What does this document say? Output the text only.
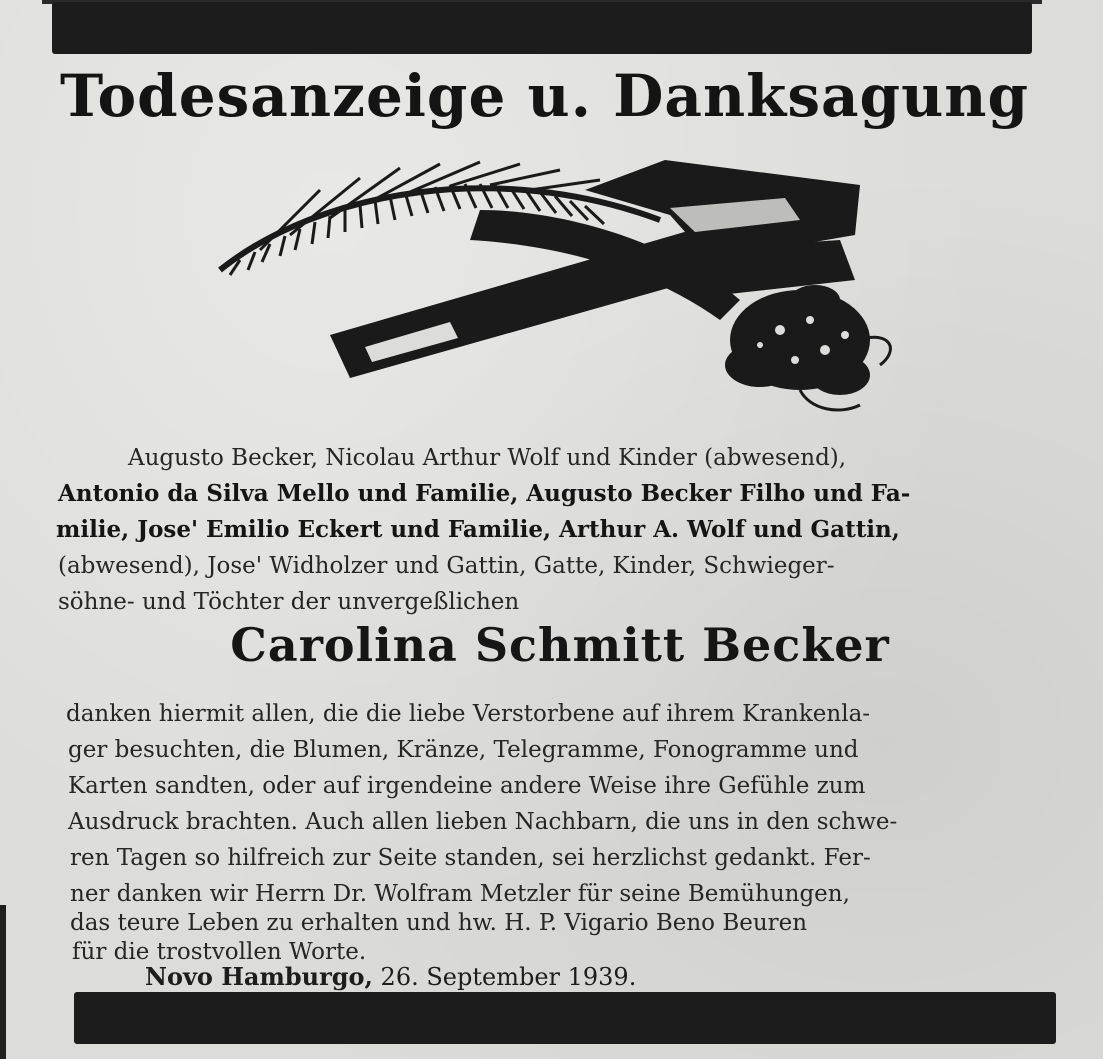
Todesanzeige u. Danksagung
Augusto Becker, Nicolau Arthur Wolf und Kinder (abwesend),
Antonio da Silva Mello und Familie, Augusto Becker Filho und Fa-
milie, Jose' Emilio Eckert und Familie, Arthur A. Wolf und Gattin,
(abwesend), Jose' Widholzer und Gattin, Gatte, Kinder, Schwieger-
söhne- und Töchter der unvergeßlichen
Carolina Schmitt Becker
danken hiermit allen, die die liebe Verstorbene auf ihrem Krankenla-
ger besuchten, die Blumen, Kränze, Telegramme, Fonogramme und
Karten sandten, oder auf irgendeine andere Weise ihre Gefühle zum
Ausdruck brachten. Auch allen lieben Nachbarn, die uns in den schwe-
ren Tagen so hilfreich zur Seite standen, sei herzlichst gedankt. Fer-
ner danken wir Herrn Dr. Wolfram Metzler für seine Bemühungen,
das teure Leben zu erhalten und hw. H. P. Vigario Beno Beuren
für die trostvollen Worte.
Novo Hamburgo, 26. September 1939.
